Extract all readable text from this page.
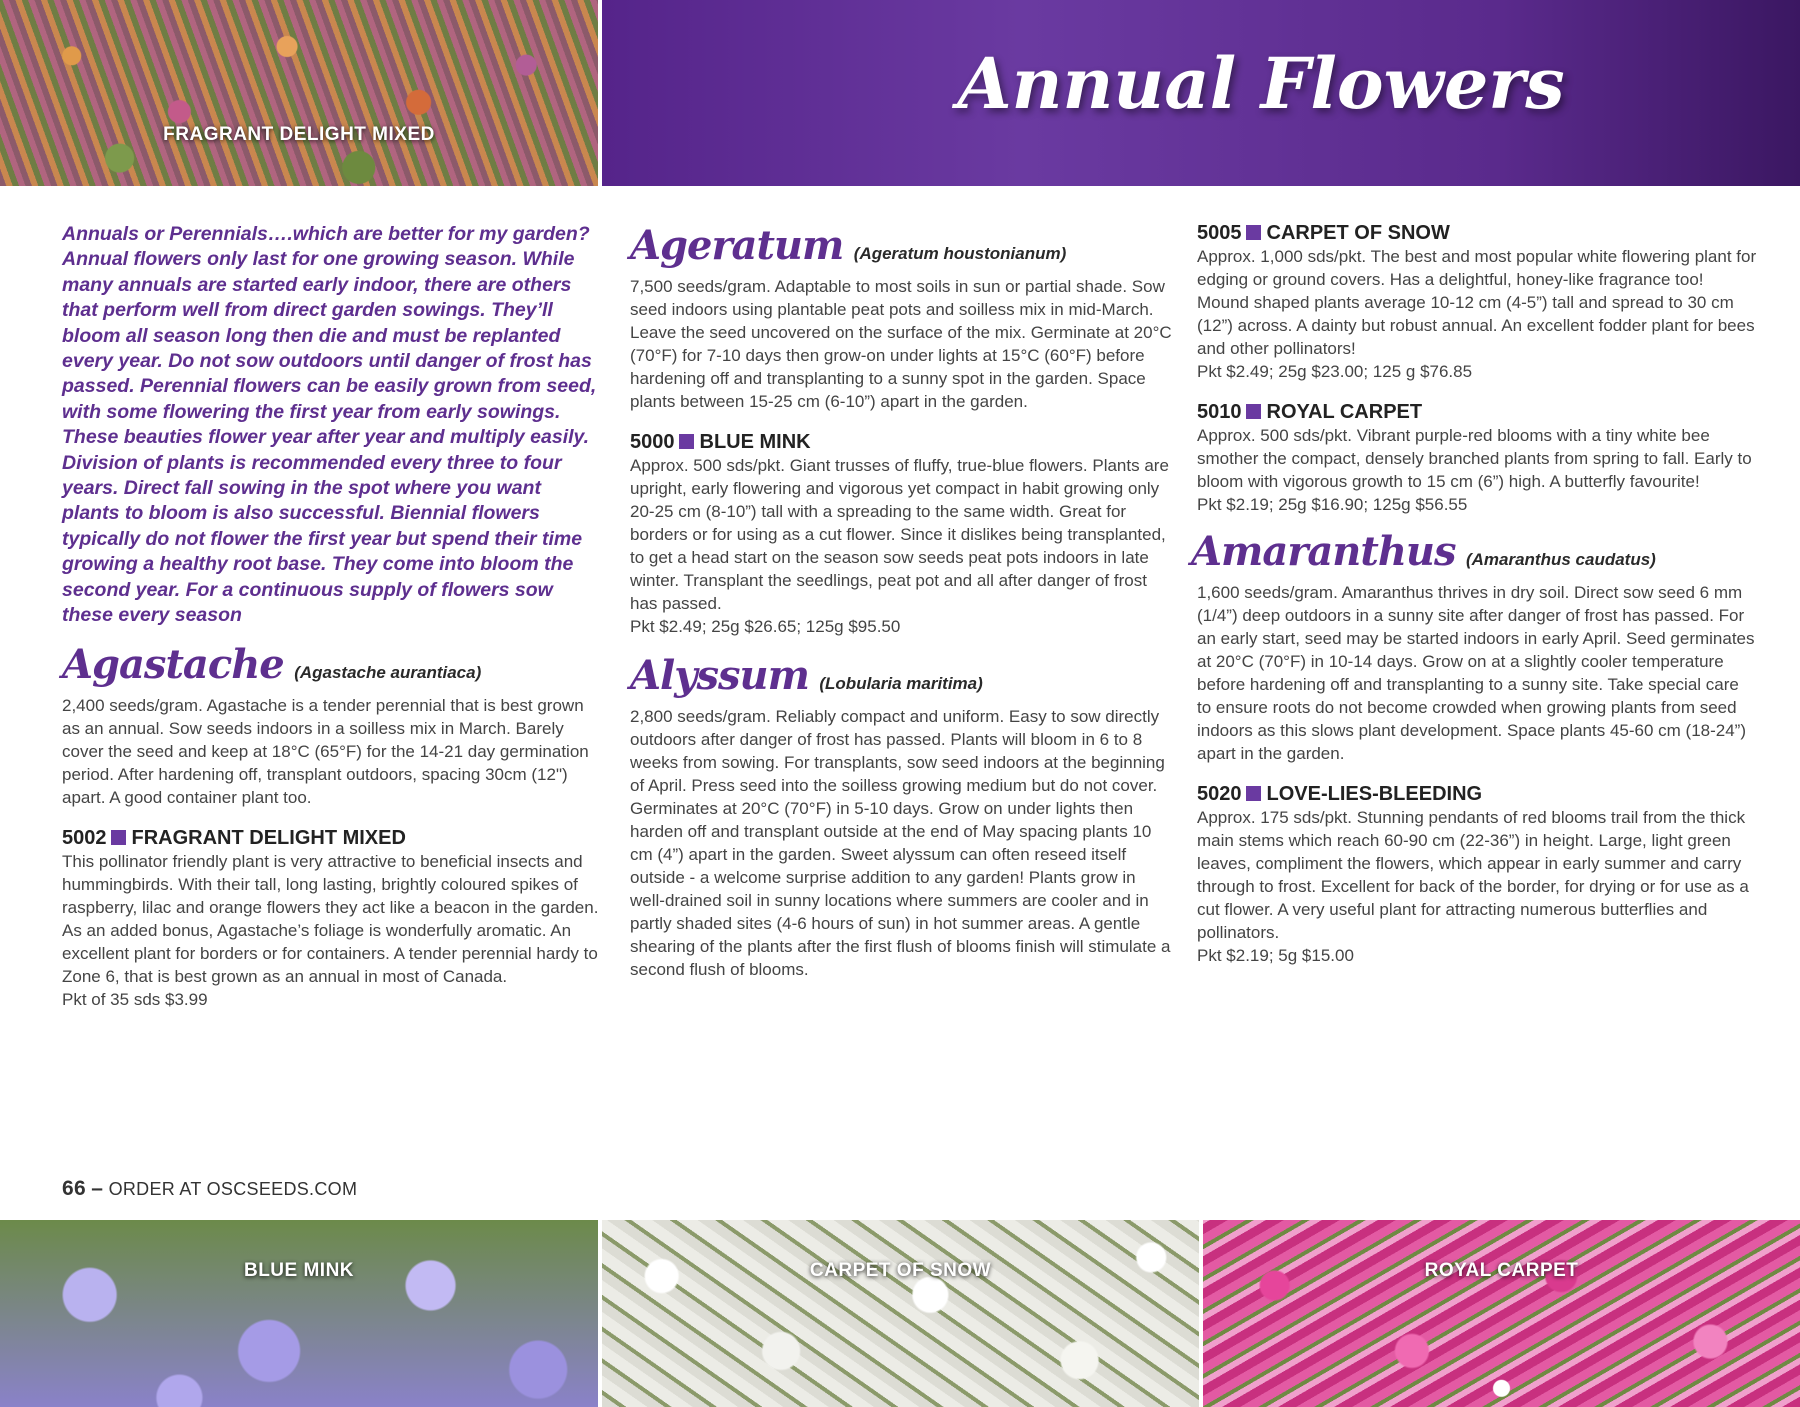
FRAGRANT DELIGHT MIXED
Annual Flowers

Annuals or Perennials….which are better for my garden? Annual flowers only last for one growing season. While many annuals are started early indoor, there are others that perform well from direct garden sowings. They’ll bloom all season long then die and must be replanted every year. Do not sow outdoors until danger of frost has passed. Perennial flowers can be easily grown from seed, with some flowering the first year from early sowings. These beauties flower year after year and multiply easily. Division of plants is recommended every three to four years. Direct fall sowing in the spot where you want plants to bloom is also successful. Biennial flowers typically do not flower the first year but spend their time growing a healthy root base. They come into bloom the second year. For a continuous supply of flowers sow these every season

Agastache (Agastache aurantiaca)

2,400 seeds/gram. Agastache is a tender perennial that is best grown as an annual. Sow seeds indoors in a soilless mix in March. Barely cover the seed and keep at 18°C (65°F) for the 14-21 day germination period. After hardening off, transplant outdoors, spacing 30cm (12") apart. A good container plant too.

5002 FRAGRANT DELIGHT MIXED

This pollinator friendly plant is very attractive to beneficial insects and hummingbirds. With their tall, long lasting, brightly coloured spikes of raspberry, lilac and orange flowers they act like a beacon in the garden. As an added bonus, Agastache’s foliage is wonderfully aromatic. An excellent plant for borders or for containers. A tender perennial hardy to Zone 6, that is best grown as an annual in most of Canada.

Pkt of 35 sds $3.99

Ageratum (Ageratum houstonianum)

7,500 seeds/gram. Adaptable to most soils in sun or partial shade. Sow seed indoors using plantable peat pots and soilless mix in mid-March. Leave the seed uncovered on the surface of the mix. Germinate at 20°C (70°F) for 7-10 days then grow-on under lights at 15°C (60°F) before hardening off and transplanting to a sunny spot in the garden. Space plants between 15-25 cm (6-10”) apart in the garden.

5000 BLUE MINK

Approx. 500 sds/pkt. Giant trusses of fluffy, true-blue flowers. Plants are upright, early flowering and vigorous yet compact in habit growing only 20-25 cm (8-10”) tall with a spreading to the same width. Great for borders or for using as a cut flower. Since it dislikes being transplanted, to get a head start on the season sow seeds peat pots indoors in late winter. Transplant the seedlings, peat pot and all after danger of frost has passed.

Pkt $2.49; 25g $26.65; 125g $95.50

Alyssum (Lobularia maritima)

2,800 seeds/gram. Reliably compact and uniform. Easy to sow directly outdoors after danger of frost has passed. Plants will bloom in 6 to 8 weeks from sowing. For transplants, sow seed indoors at the beginning of April. Press seed into the soilless growing medium but do not cover. Germinates at 20°C (70°F) in 5-10 days. Grow on under lights then harden off and transplant outside at the end of May spacing plants 10 cm (4”) apart in the garden. Sweet alyssum can often reseed itself outside - a welcome surprise addition to any garden! Plants grow in well-drained soil in sunny locations where summers are cooler and in partly shaded sites (4-6 hours of sun) in hot summer areas. A gentle shearing of the plants after the first flush of blooms finish will stimulate a second flush of blooms.

5005 CARPET OF SNOW

Approx. 1,000 sds/pkt. The best and most popular white flowering plant for edging or ground covers. Has a delightful, honey-like fragrance too! Mound shaped plants average 10-12 cm (4-5”) tall and spread to 30 cm (12”) across. A dainty but robust annual. An excellent fodder plant for bees and other pollinators!

Pkt $2.49; 25g $23.00; 125 g $76.85

5010 ROYAL CARPET

Approx. 500 sds/pkt. Vibrant purple-red blooms with a tiny white bee smother the compact, densely branched plants from spring to fall. Early to bloom with vigorous growth to 15 cm (6”) high. A butterfly favourite!

Pkt $2.19; 25g $16.90; 125g $56.55

Amaranthus (Amaranthus caudatus)

1,600 seeds/gram. Amaranthus thrives in dry soil. Direct sow seed 6 mm (1/4”) deep outdoors in a sunny site after danger of frost has passed. For an early start, seed may be started indoors in early April. Seed germinates at 20°C (70°F) in 10-14 days. Grow on at a slightly cooler temperature before hardening off and transplanting to a sunny site. Take special care to ensure roots do not become crowded when growing plants from seed indoors as this slows plant development. Space plants 45-60 cm (18-24”) apart in the garden.

5020 LOVE-LIES-BLEEDING

Approx. 175 sds/pkt. Stunning pendants of red blooms trail from the thick main stems which reach 60-90 cm (22-36”) in height. Large, light green leaves, compliment the flowers, which appear in early summer and carry through to frost. Excellent for back of the border, for drying or for use as a cut flower. A very useful plant for attracting numerous butterflies and pollinators.

Pkt $2.19; 5g $15.00

66 – ORDER AT OSCSEEDS.COM
BLUE MINK	CARPET OF SNOW	ROYAL CARPET
